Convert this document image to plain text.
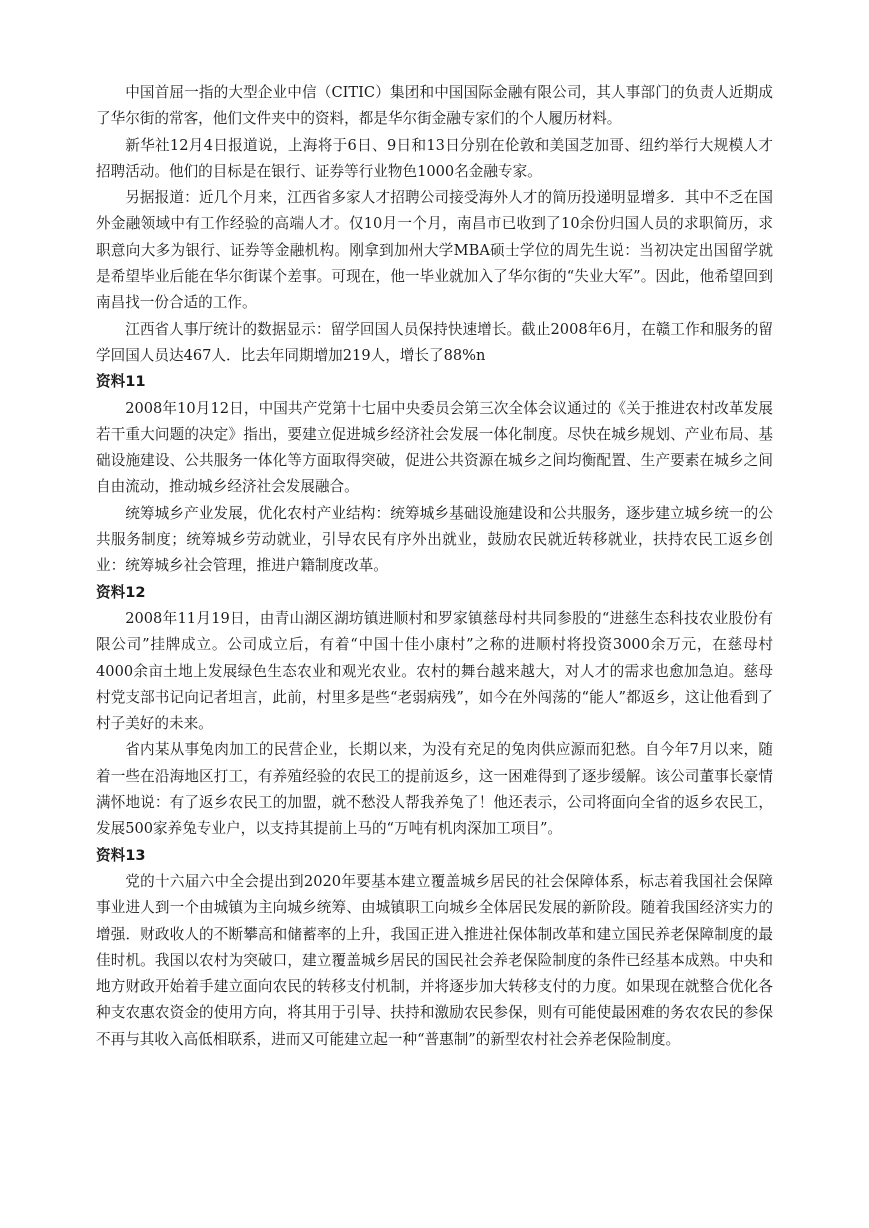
中国首屈一指的大型企业中信（CITIC）集团和中国国际金融有限公司，其人事部门的负责人近期成了华尔街的常客，他们文件夹中的资料，都是华尔街金融专家们的个人履历材料。

新华社12月4日报道说，上海将于6日、9日和13日分别在伦敦和美国芝加哥、纽约举行大规模人才招聘活动。他们的目标是在银行、证券等行业物色1000名金融专家。

另据报道：近几个月来，江西省多家人才招聘公司接受海外人才的简历投递明显增多．其中不乏在国外金融领域中有工作经验的高端人才。仅10月一个月，南昌市已收到了10余份归国人员的求职简历，求职意向大多为银行、证券等金融机构。刚拿到加州大学MBA硕士学位的周先生说：当初决定出国留学就是希望毕业后能在华尔街谋个差事。可现在，他一毕业就加入了华尔街的“失业大军”。因此，他希望回到南昌找一份合适的工作。

江西省人事厅统计的数据显示：留学回国人员保持快速增长。截止2008年6月，在赣工作和服务的留学回国人员达467人．比去年同期增加219人，增长了88%n

资料11

2008年10月12日，中国共产党第十七届中央委员会第三次全体会议通过的《关于推进农村改革发展若干重大问题的决定》指出，要建立促进城乡经济社会发展一体化制度。尽快在城乡规划、产业布局、基础设施建设、公共服务一体化等方面取得突破，促进公共资源在城乡之间均衡配置、生产要素在城乡之间自由流动，推动城乡经济社会发展融合。

统筹城乡产业发展，优化农村产业结构：统筹城乡基础设施建设和公共服务，逐步建立城乡统一的公共服务制度；统筹城乡劳动就业，引导农民有序外出就业，鼓励农民就近转移就业，扶持农民工返乡创业：统筹城乡社会管理，推进户籍制度改革。

资料12

2008年11月19日，由青山湖区湖坊镇进顺村和罗家镇慈母村共同参股的“进慈生态科技农业股份有限公司”挂牌成立。公司成立后，有着“中国十佳小康村”之称的进顺村将投资3000余万元，在慈母村4000余亩土地上发展绿色生态农业和观光农业。农村的舞台越来越大，对人才的需求也愈加急迫。慈母村党支部书记向记者坦言，此前，村里多是些“老弱病残”，如今在外闯荡的“能人”都返乡，这让他看到了村子美好的未来。

省内某从事兔肉加工的民营企业，长期以来，为没有充足的兔肉供应源而犯愁。自今年7月以来，随着一些在沿海地区打工，有养殖经验的农民工的提前返乡，这一困难得到了逐步缓解。该公司董事长豪情满怀地说：有了返乡农民工的加盟，就不愁没人帮我养兔了！他还表示，公司将面向全省的返乡农民工，发展500家养兔专业户，以支持其提前上马的“万吨有机肉深加工项目”。

资料13

党的十六届六中全会提出到2020年要基本建立覆盖城乡居民的社会保障体系，标志着我国社会保障事业进人到一个由城镇为主向城乡统筹、由城镇职工向城乡全体居民发展的新阶段。随着我国经济实力的增强．财政收人的不断攀高和储蓄率的上升，我国正进入推进社保体制改革和建立国民养老保障制度的最佳时机。我国以农村为突破口，建立覆盖城乡居民的国民社会养老保险制度的条件已经基本成熟。中央和地方财政开始着手建立面向农民的转移支付机制，并将逐步加大转移支付的力度。如果现在就整合优化各种支农惠农资金的使用方向，将其用于引导、扶持和激励农民参保，则有可能使最困难的务农农民的参保不再与其收入高低相联系，进而又可能建立起一种“普惠制”的新型农村社会养老保险制度。
